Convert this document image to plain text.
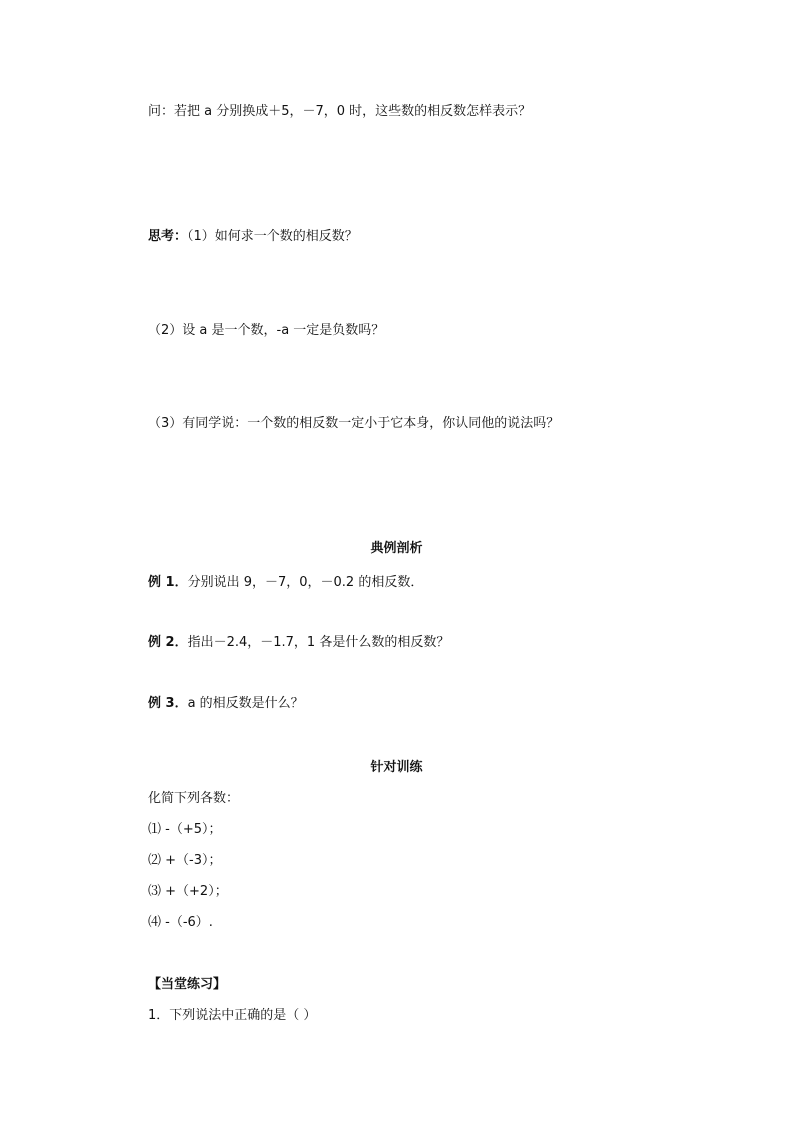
问：若把 a 分别换成＋5，－7，0 时，这些数的相反数怎样表示？
思考：（1）如何求一个数的相反数？
（2）设 a 是一个数，-a 一定是负数吗？
（3）有同学说：一个数的相反数一定小于它本身，你认同他的说法吗？
典例剖析
例 1．分别说出 9，－7，0，－0.2 的相反数．
例 2．指出－2.4，－1.7，1 各是什么数的相反数？
例 3．a 的相反数是什么？
针对训练
化简下列各数：
⑴ -（+5）；
⑵ +（-3）；
⑶ +（+2）；
⑷ -（-6）.
【当堂练习】
1．下列说法中正确的是（ ）
